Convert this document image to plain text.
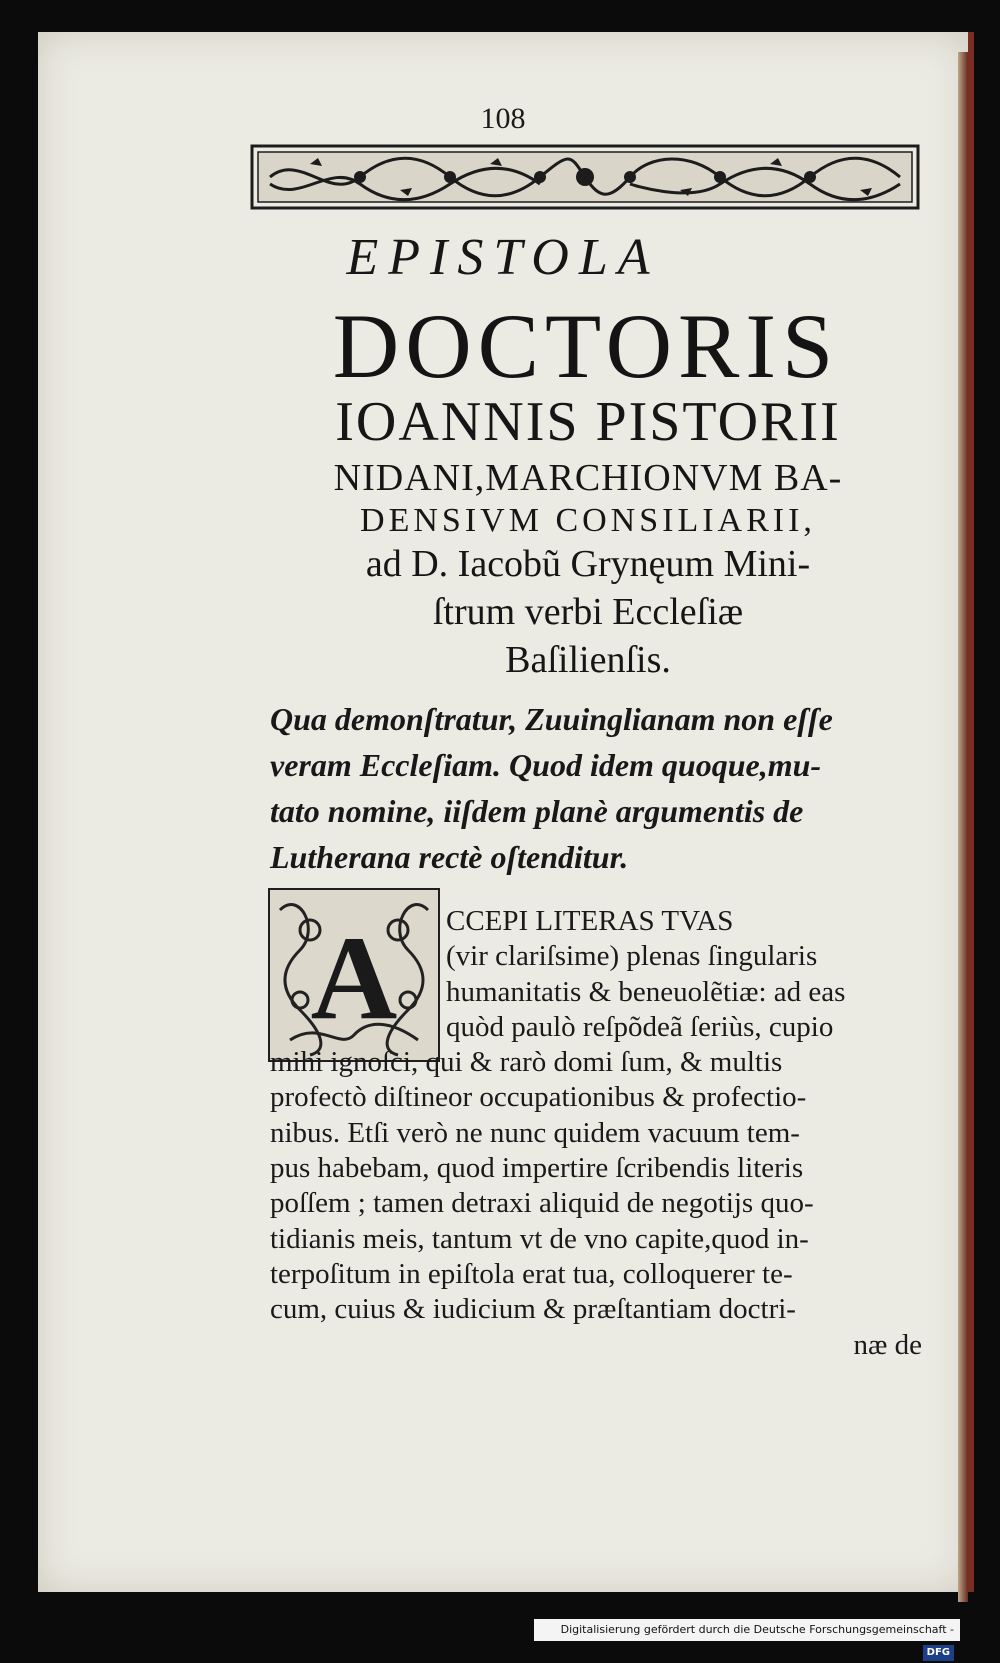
108
EPISTOLA
DOCTORIS
IOANNIS PISTORII
NIDANI,MARCHIONVM BA-
DENSIVM CONSILIARII,
ad D. Iacobũ Grynęum Mini-
ſtrum verbi Eccleſiæ
Baſilienſis.
Qua demonſtratur, Zuuinglianam non eſſe
veram Eccleſiam. Quod idem quoque,mu-
tato nomine, iiſdem planè argumentis de
Lutherana rectè oſtenditur.
A	CCEPI LITERAS TVAS
(vir clariſsime) plenas ſingularis
humanitatis & beneuolẽtiæ: ad eas
quòd paulò reſpõdeã ſeriùs, cupio
mihi ignoſci, qui & rarò domi ſum, & multis
profectò diſtineor occupationibus & profectio-
nibus. Etſi verò ne nunc quidem vacuum tem-
pus habebam, quod impertire ſcribendis literis
poſſem ; tamen detraxi aliquid de negotijs quo-
tidianis meis, tantum vt de vno capite,quod in-
terpoſitum in epiſtola erat tua, colloquerer te-
cum, cuius & iudicium & præſtantiam doctri-
næ de
Digitalisierung gefördert durch die Deutsche Forschungsgemeinschaft -DFG
